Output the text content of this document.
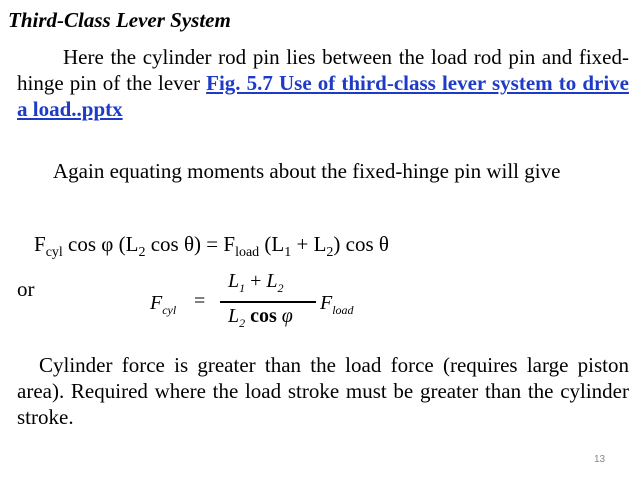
Third-Class Lever System
Here the cylinder rod pin lies between the load rod pin and fixed-hinge pin of the lever Fig. 5.7 Use of third-class lever system to drive a load..pptx
Again equating moments about the fixed-hinge pin will give
$F_{cyl}$ cos φ ($L_2$ $\cos \theta) = F_{load}$ $(L_1 + L_2)$ cos θ
or
$F_{cyl}$ =
$L_1 + L_2$
$L_2$ cos φ
$F_{load}$
Cylinder force is greater than the load force (requires large piston area). Required where the load stroke must be greater than the cylinder stroke.
13
